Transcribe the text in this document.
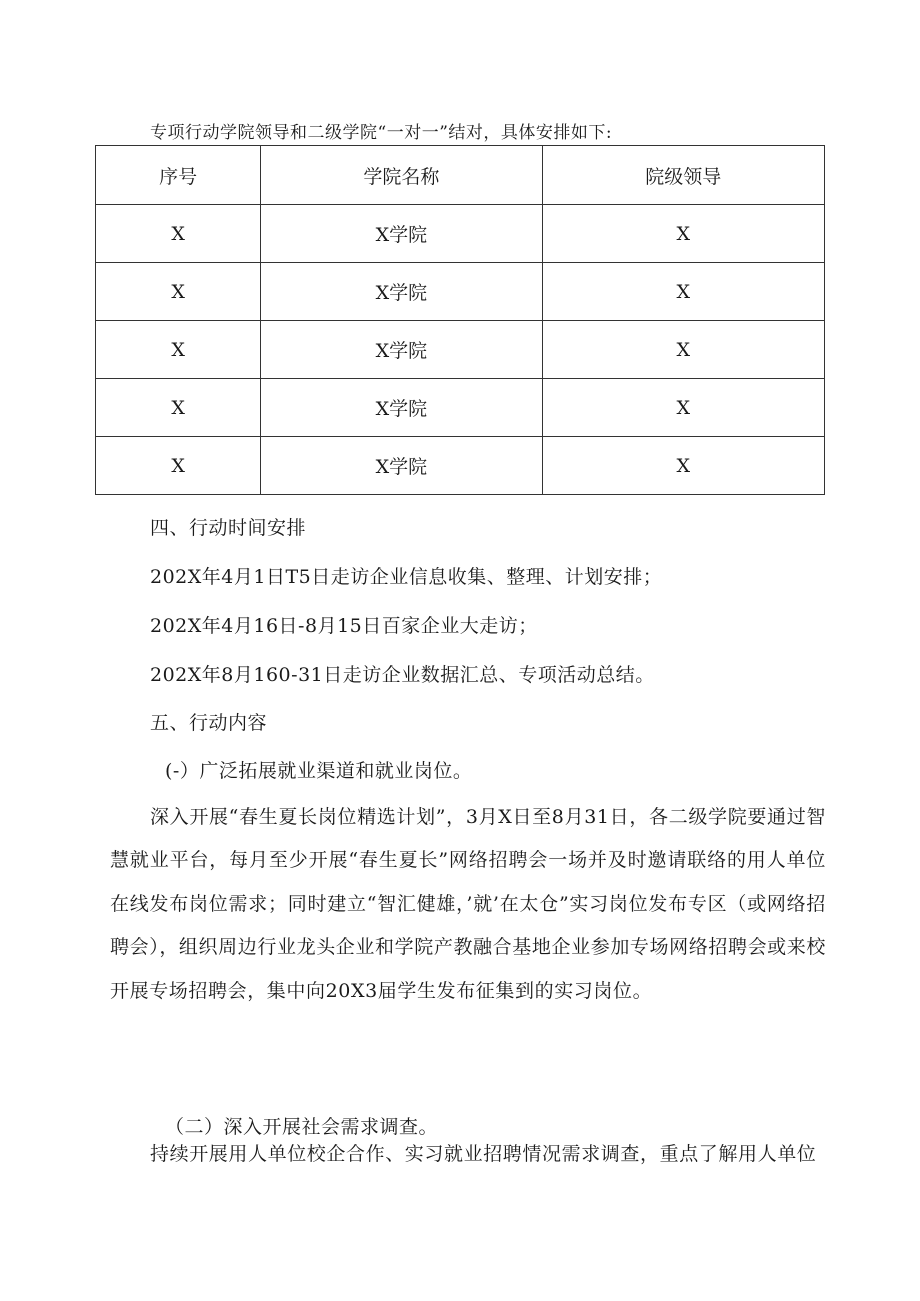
专项行动学院领导和二级学院“一对一”结对，具体安排如下:
序号	学院名称	院级领导
X	X学院	X
X	X学院	X
X	X学院	X
X	X学院	X
X	X学院	X
四、行动时间安排
202X年4月1日T5日走访企业信息收集、整理、计划安排；
202X年4月16日-8月15日百家企业大走访；
202X年8月160-31日走访企业数据汇总、专项活动总结。
五、行动内容
(-）广泛拓展就业渠道和就业岗位。
深入开展“春生夏长岗位精选计划”，3月X日至8月31日，各二级学院要通过智慧就业平台，每月至少开展“春生夏长”网络招聘会一场并及时邀请联络的用人单位在线发布岗位需求；同时建立“智汇健雄，’就’在太仓”实习岗位发布专区（或网络招聘会），组织周边行业龙头企业和学院产教融合基地企业参加专场网络招聘会或来校开展专场招聘会，集中向20X3届学生发布征集到的实习岗位。
（二）深入开展社会需求调查。
持续开展用人单位校企合作、实习就业招聘情况需求调查，重点了解用人单位
